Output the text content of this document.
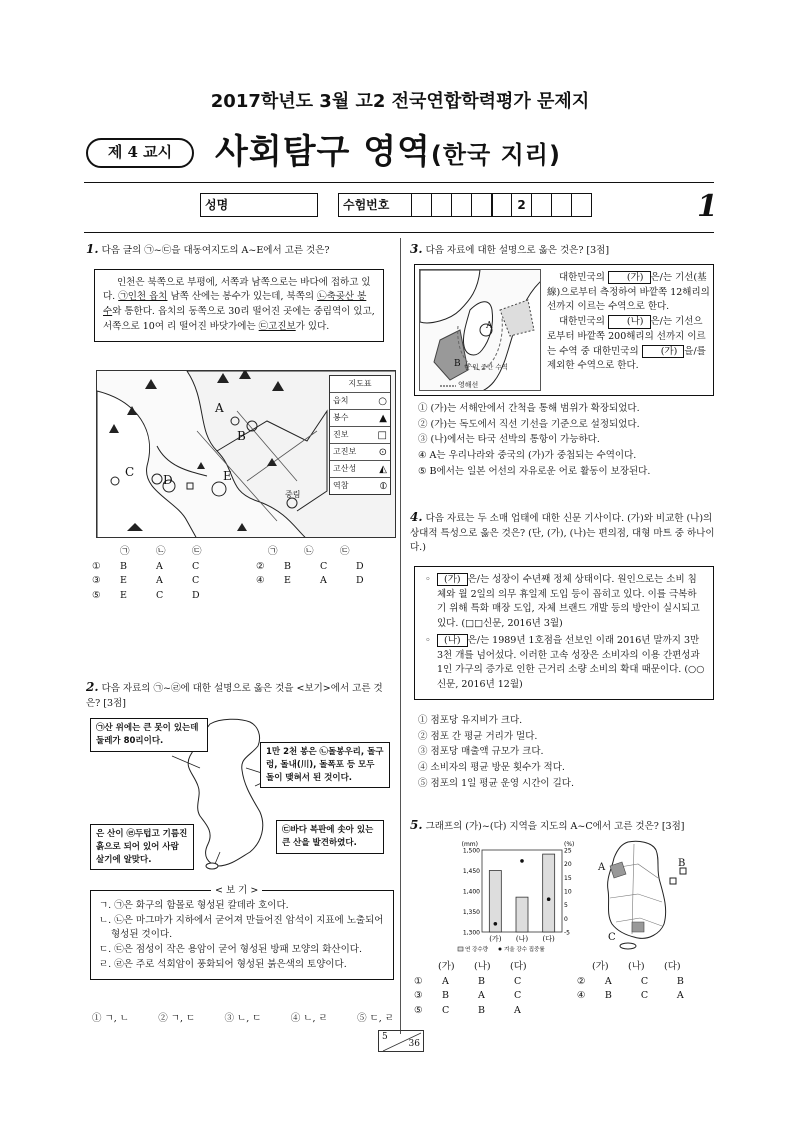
2017학년도 3월 고2 전국연합학력평가 문제지
제 4 교시	사회탐구 영역(한국 지리)
성명	수험번호	2	1
1. 다음 글의 ㉠~㉢을 대동여지도의 A~E에서 고른 것은?
인천은 북쪽으로 부평에, 서쪽과 남쪽으로는 바다에 접하고 있다. ㉠인천 읍치 남쪽 산에는 봉수가 있는데, 북쪽의 ㉡축곶산 봉수와 통한다. 읍치의 동쪽으로 30리 떨어진 곳에는 중림역이 있고, 서쪽으로 10여 리 떨어진 바닷가에는 ㉢고진보가 있다.
A
B
C
D	E
중림
지도표
읍치	○
봉수	▲
진보	□
고진보 ⊙
고산성 ◭
역참	⦶
㉠	㉡	㉢	㉠	㉡	㉢
①	B	A	C	②	B	C	D
③	E	A	C	④	E	A	D
⑤	E	C	D
2. 다음 자료의 ㉠~㉣에 대한 설명으로 옳은 것을 <보기>에서 고른 것은? [3점]
㉠산 위에는 큰 못이 있는데 둘레가 80리이다.
1만 2천 봉은 ㉡돌봉우리, 돌구렁, 돌내(川), 돌폭포 등 모두 돌이 맺혀서 된 것이다.
은 산이 ㉣두텁고 기름진 흙으로 되어 있어 사람 살기에 알맞다.
㉢바다 복판에 솟아 있는 큰 산을 발견하였다.
< 보 기 >
ㄱ. ㉠은 화구의 함몰로 형성된 칼데라 호이다.
ㄴ. ㉡은 마그마가 지하에서 굳어져 만들어진 암석이 지표에 노출되어 형성된 것이다.
ㄷ. ㉢은 점성이 작은 용암이 굳어 형성된 방패 모양의 화산이다.
ㄹ. ㉣은 주로 석회암이 풍화되어 형성된 붉은색의 토양이다.
① ㄱ, ㄴ	② ㄱ, ㄷ	③ ㄴ, ㄷ	④ ㄴ, ㄹ	⑤ ㄷ, ㄹ
3. 다음 자료에 대한 설명으로 옳은 것은? [3점]
A
B 한·일 중간 수역
영해선
대한민국의 (가) 은/는 기선(基線)으로부터 측정하여 바깥쪽 12해리의 선까지 이르는 수역으로 한다.
대한민국의 (나) 은/는 기선으로부터 바깥쪽 200해리의 선까지 이르는 수역 중 대한민국의 (가) 을/를 제외한 수역으로 한다.
① (가)는 서해안에서 간척을 통해 범위가 확장되었다.
② (가)는 독도에서 직선 기선을 기준으로 설정되었다.
③ (나)에서는 타국 선박의 통항이 가능하다.
④ A는 우리나라와 중국의 (가)가 중첩되는 수역이다.
⑤ B에서는 일본 어선의 자유로운 어로 활동이 보장된다.
4. 다음 자료는 두 소매 업태에 대한 신문 기사이다. (가)와 비교한 (나)의 상대적 특성으로 옳은 것은? (단, (가), (나)는 편의점, 대형 마트 중 하나이다.)
◦ (가) 은/는 성장이 수년째 정체 상태이다. 원인으로는 소비 침체와 월 2일의 의무 휴일제 도입 등이 꼽히고 있다. 이를 극복하기 위해 특화 매장 도입, 자체 브랜드 개발 등의 방안이 실시되고 있다. (□□신문, 2016년 3월)
◦ (나) 은/는 1989년 1호점을 선보인 이래 2016년 말까지 3만 3천 개를 넘어섰다. 이러한 고속 성장은 소비자의 이용 간편성과 1인 가구의 증가로 인한 근거리 소량 소비의 확대 때문이다. (○○신문, 2016년 12월)
① 점포당 유지비가 크다.
② 점포 간 평균 거리가 멀다.
③ 점포당 매출액 규모가 크다.
④ 소비자의 평균 방문 횟수가 적다.
⑤ 점포의 1일 평균 운영 시간이 길다.
5. 그래프의 (가)~(다) 지역을 지도의 A~C에서 고른 것은? [3점]
1,300
1,350
1,400
1,450
1,500
-5
0
5
10
15
20
25
(mm)	(%)
(가) (나) (다)
연 강수량	겨울 강수 집중률
A	B
C
(가)	(나)	(다)	(가)	(나)	(다)
①	A	B	C	②	A	C	B
③	B	A	C	④	B	C	A
⑤	C	B	A
5
36
